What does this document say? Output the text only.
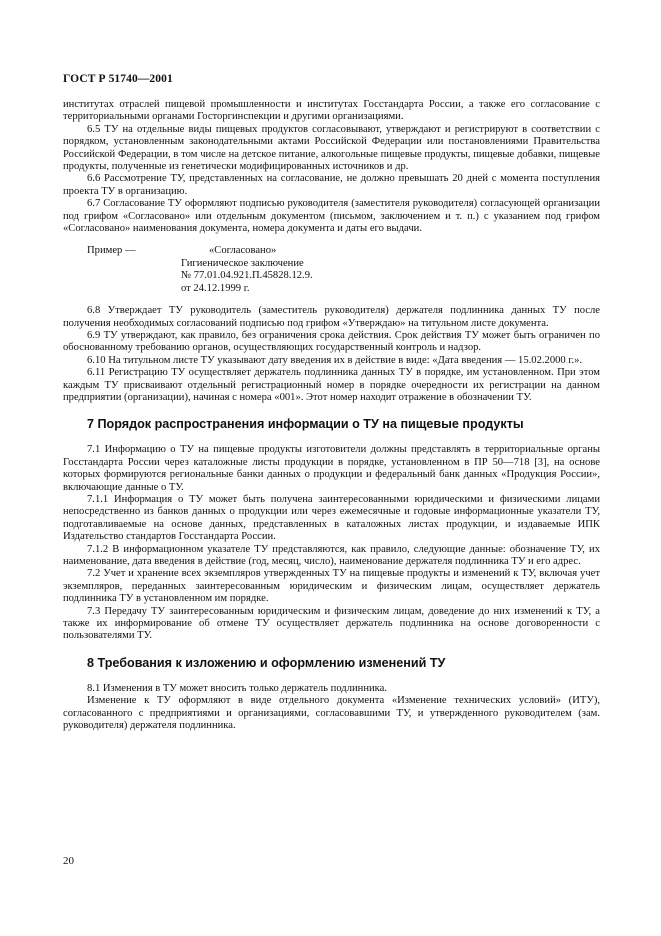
ГОСТ Р 51740—2001

институтах отраслей пищевой промышленности и институтах Госстандарта России, а также его согласование с территориальными органами Госторгинспекции и другими организациями.

6.5 ТУ на отдельные виды пищевых продуктов согласовывают, утверждают и регистрируют в соответствии с порядком, установленным законодательными актами Российской Федерации или постановлениями Правительства Российской Федерации, в том числе на детское питание, алкогольные пищевые продукты, пищевые добавки, пищевые продукты, полученные из генетически модифицированных источников и др.

6.6 Рассмотрение ТУ, представленных на согласование, не должно превышать 20 дней с момента поступления проекта ТУ в организацию.

6.7 Согласование ТУ оформляют подписью руководителя (заместителя руководителя) согласующей организации под грифом «Согласовано» или отдельным документом (письмом, заключением и т. п.) с указанием под грифом «Согласовано» наименования документа, номера документа и даты его выдачи.

Пример —	«Согласовано»
Гигиеническое заключение
№ 77.01.04.921.П.45828.12.9.
от 24.12.1999 г.

6.8 Утверждает ТУ руководитель (заместитель руководителя) держателя подлинника данных ТУ после получения необходимых согласований подписью под грифом «Утверждаю» на титульном листе документа.

6.9 ТУ утверждают, как правило, без ограничения срока действия. Срок действия ТУ может быть ограничен по обоснованному требованию органов, осуществляющих государственный контроль и надзор.

6.10 На титульном листе ТУ указывают дату введения их в действие в виде: «Дата введения — 15.02.2000 г.».

6.11 Регистрацию ТУ осуществляет держатель подлинника данных ТУ в порядке, им установленном. При этом каждым ТУ присваивают отдельный регистрационный номер в порядке очередности их регистрации на данном предприятии (организации), начиная с номера «001». Этот номер находит отражение в обозначении ТУ.

7 Порядок распространения информации о ТУ на пищевые продукты

7.1 Информацию о ТУ на пищевые продукты изготовители должны представлять в территориальные органы Госстандарта России через каталожные листы продукции в порядке, установленном в ПР 50—718 [3], на основе которых формируются региональные банки данных о продукции и федеральный банк данных «Продукция России», включающие данные о ТУ.

7.1.1 Информация о ТУ может быть получена заинтересованными юридическими и физическими лицами непосредственно из банков данных о продукции или через ежемесячные и годовые информационные указатели ТУ, подготавливаемые на основе данных, представленных в каталожных листах продукции, и издаваемые ИПК Издательство стандартов Госстандарта России.

7.1.2 В информационном указателе ТУ представляются, как правило, следующие данные: обозначение ТУ, их наименование, дата введения в действие (год, месяц, число), наименование держателя подлинника ТУ и его адрес.

7.2 Учет и хранение всех экземпляров утвержденных ТУ на пищевые продукты и изменений к ТУ, включая учет экземпляров, переданных заинтересованным юридическим и физическим лицам, осуществляет держатель подлинника ТУ в установленном им порядке.

7.3 Передачу ТУ заинтересованным юридическим и физическим лицам, доведение до них изменений к ТУ, а также их информирование об отмене ТУ осуществляет держатель подлинника на основе договоренности с пользователями ТУ.

8 Требования к изложению и оформлению изменений ТУ

8.1 Изменения в ТУ может вносить только держатель подлинника.

Изменение к ТУ оформляют в виде отдельного документа «Изменение технических условий» (ИТУ), согласованного с предприятиями и организациями, согласовавшими ТУ, и утвержденного руководителем (зам. руководителя) держателя подлинника.

20
